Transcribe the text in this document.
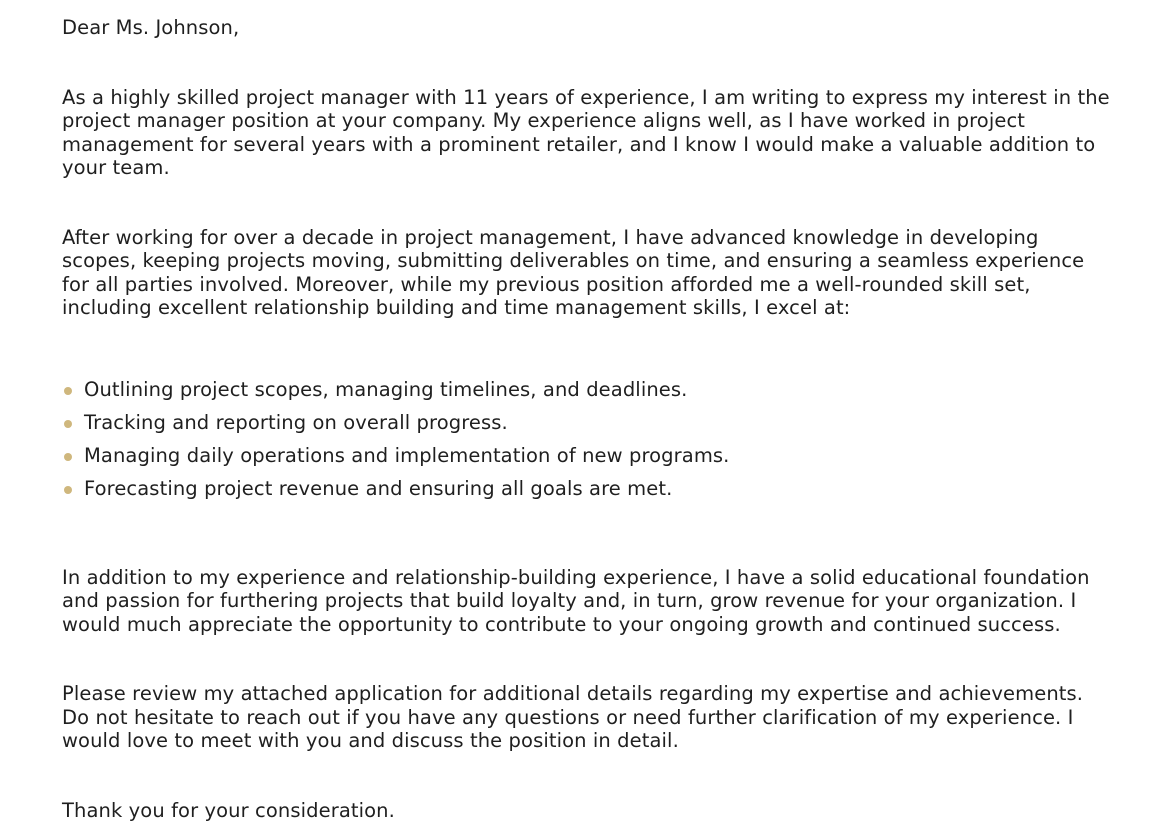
Dear Ms. Johnson,

As a highly skilled project manager with 11 years of experience, I am writing to express my interest in the project manager position at your company. My experience aligns well, as I have worked in project management for several years with a prominent retailer, and I know I would make a valuable addition to your team.

After working for over a decade in project management, I have advanced knowledge in developing scopes, keeping projects moving, submitting deliverables on time, and ensuring a seamless experience for all parties involved. Moreover, while my previous position afforded me a well-rounded skill set, including excellent relationship building and time management skills, I excel at:

Outlining project scopes, managing timelines, and deadlines.
Tracking and reporting on overall progress.
Managing daily operations and implementation of new programs.
Forecasting project revenue and ensuring all goals are met.

In addition to my experience and relationship-building experience, I have a solid educational foundation and passion for furthering projects that build loyalty and, in turn, grow revenue for your organization. I would much appreciate the opportunity to contribute to your ongoing growth and continued success.

Please review my attached application for additional details regarding my expertise and achievements. Do not hesitate to reach out if you have any questions or need further clarification of my experience. I would love to meet with you and discuss the position in detail.

Thank you for your consideration.
